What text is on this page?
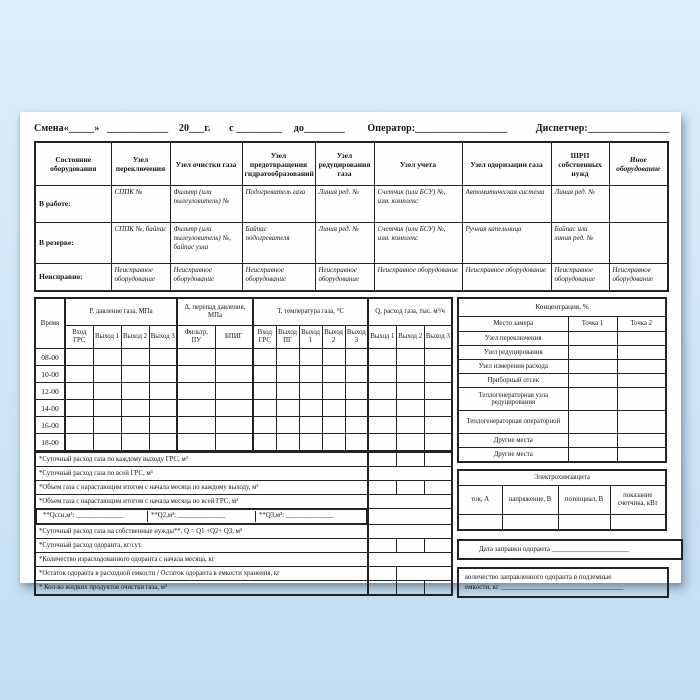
Смена«_____» ____________ 20___г. с _________ до________ Оператор:__________________	Диспетчер:________________
Состояние оборудования	Узел переключения	Узел очистки газа	Узел предотвращения гидратообразований	Узел редуцирования газа	Узел учета	Узел одоризации газа	ШРП собственных нужд	Иное оборудование
В работе:	СППК №	Фильтр (или пылеуловитель) №	Подогреватель газа	Линия ред. №	Счетчик (или БСУ) №, изм. комплекс	Автоматическая система	Линия ред. №	
В резерве:	СППК №, байпас	Фильтр (или пылеуловитель) №, байпас узла	Байпас подогревателя	Линия ред. №	Счетчик (или БСУ) №, изм. комплекс	Ручная капельница	Байпас или линия ред. №	
Неисправно:	Неисправное оборудование	Неисправное оборудование	Неисправное оборудование	Неисправное оборудование	Неисправное оборудование	Неисправное оборудование	Неисправное оборудование	Неисправное оборудование
Время	Р, давление газа, МПа				Δ, перепад давления, МПа		Т, температура газа, °С					Q, расход газа, тыс. м³/ч		
	Вход ГРС	Выход 1	Выход 2	Выход 3	Фильтр, ПУ	БПИГ	Вход ГРС	Выход ПГ	Выход 1	Выход 2	Выход 3	Выход 1	Выход 2	Выход 3
08-00														
10-00														
12-00														
14-00														
16-00														
18-00														
*Суточный расход газа по каждому выходу ГРС, м³			
*Суточный расход газа по всей ГРС, м³			
*Объем газа с нарастающим итогом с начала месяца по каждому выходу, м³			
*Объем газа с нарастающим итогом с начала месяца по всей ГРС, м³			

**Qссн,м³: ______________	**Q2,м³: ______________	**Q3,м³: ______________

*Суточный расход газа на собственные нужды**, Q = Q1 +Q2+ Q3, м³			
*Суточный расход одоранта, кг/сут.			
*Количество израсходованного одоранта с начала месяца, кг			
*Остаток одоранта в расходной емкости / Остаток одоранта в емкости хранения, кг			
* Кол-во жидких продуктов очистки газа, м³			
Концентрация, %		
Место замера	Точка 1	Точка 2
Узел переключения		
Узел редуцирования		
Узел измерения расхода		
Приборный отсек		
Теплогенераторная узла редуцирования		
Теплогенераторная операторной		
Другие места		
Другие места		
Электрохимзащита			
ток, А	напряжение, В	потенциал, В	показание счетчика, кВт

Дата заправки одоранта ______________________
количество заправленного одоранта в подземные
емкости, кг ___________________________________
